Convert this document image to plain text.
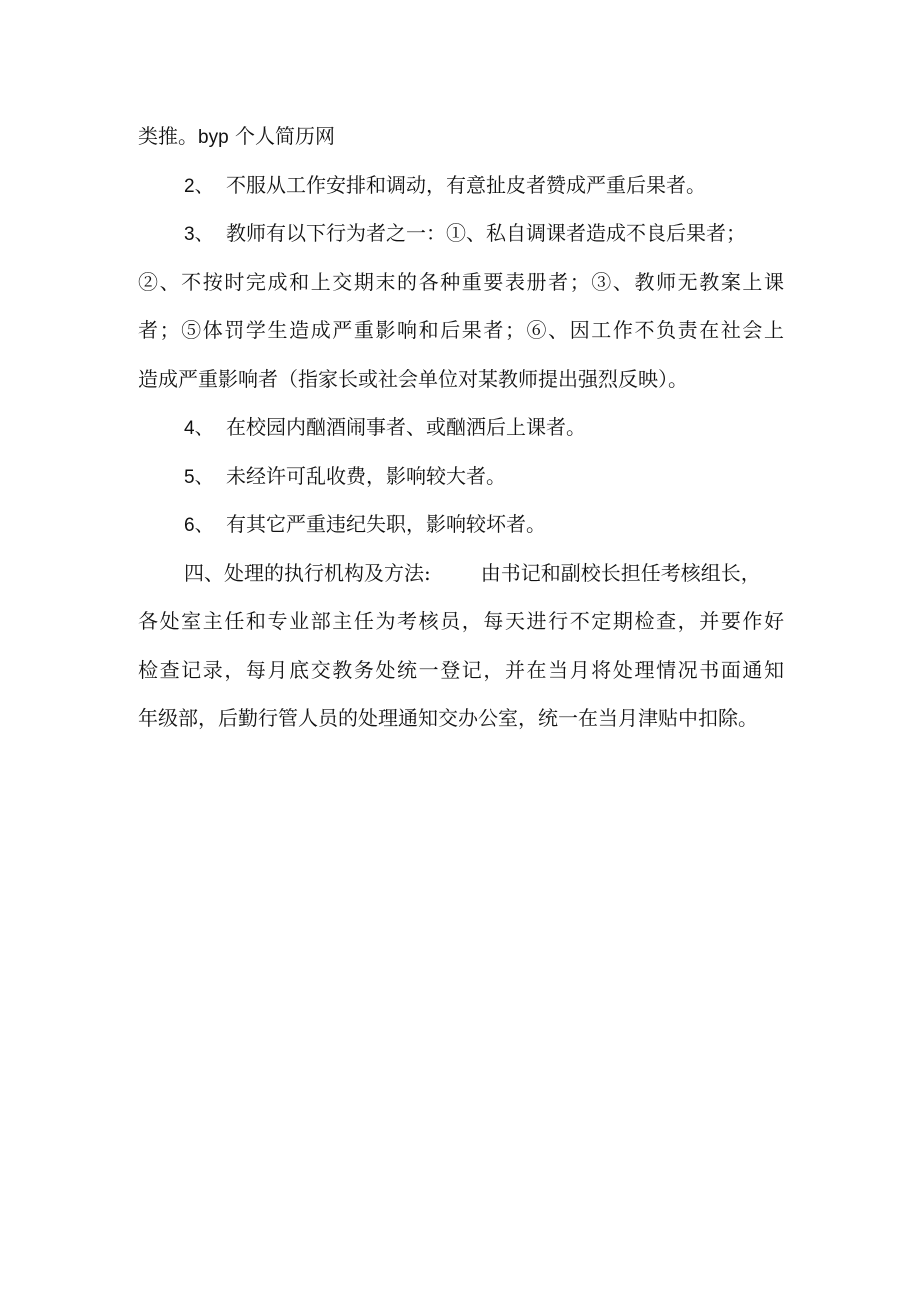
类推。byp 个人简历网
2、 不服从工作安排和调动，有意扯皮者赞成严重后果者。
3、 教师有以下行为者之一：①、私自调课者造成不良后果者；
②、不按时完成和上交期末的各种重要表册者；③、教师无教案上课
者；⑤体罚学生造成严重影响和后果者；⑥、因工作不负责在社会上
造成严重影响者（指家长或社会单位对某教师提出强烈反映）。
4、 在校园内酗酒闹事者、或酗洒后上课者。
5、 未经许可乱收费，影响较大者。
6、 有其它严重违纪失职，影响较坏者。
四、处理的执行机构及方法:	由书记和副校长担任考核组长，
各处室主任和专业部主任为考核员，每天进行不定期检查，并要作好
检查记录，每月底交教务处统一登记，并在当月将处理情况书面通知
年级部，后勤行管人员的处理通知交办公室，统一在当月津贴中扣除。
